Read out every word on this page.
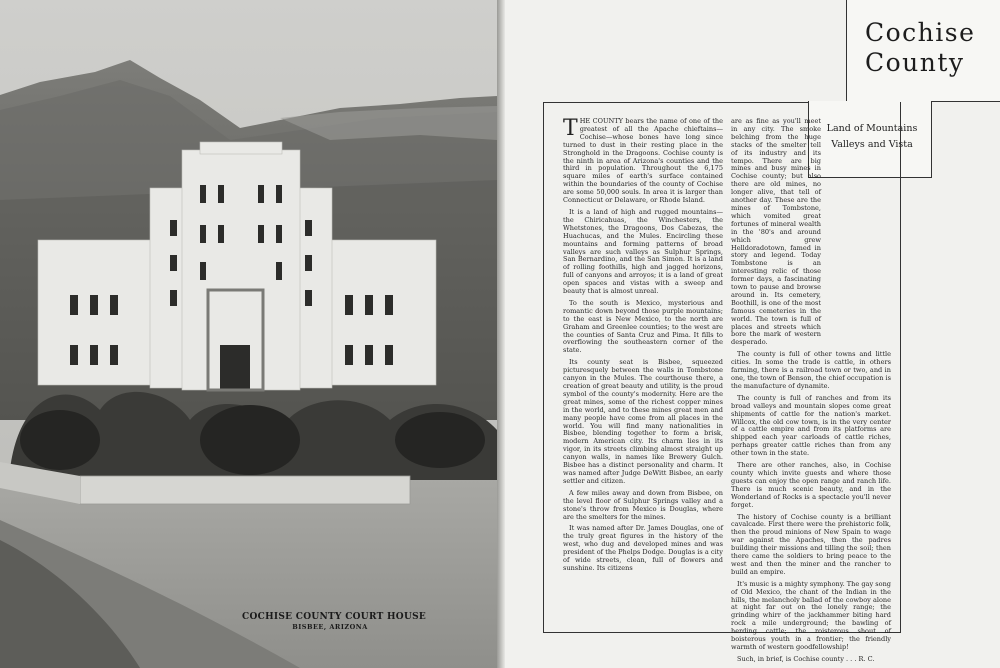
COCHISE COUNTY COURT HOUSE
BISBEE, ARIZONA
Cochise
County
Land of Mountains
Valleys and Vista

THE COUNTY bears the name of one of the greatest of all the Apache chieftains—Cochise—whose bones have long since turned to dust in their resting place in the Stronghold in the Dragoons. Cochise county is the ninth in area of Arizona's counties and the third in population. Throughout the 6,175 square miles of earth's surface contained within the boundaries of the county of Cochise are some 50,000 souls. In area it is larger than Connecticut or Delaware, or Rhode Island.

It is a land of high and rugged mountains—the Chiricahuas, the Winchesters, the Whetstones, the Dragoons, Dos Cabezas, the Huachucas, and the Mules. Encircling these mountains and forming patterns of broad valleys are such valleys as Sulphur Springs, San Bernardino, and the San Simon. It is a land of rolling foothills, high and jagged horizons, full of canyons and arroyos; it is a land of great open spaces and vistas with a sweep and beauty that is almost unreal.

To the south is Mexico, mysterious and romantic down beyond those purple mountains; to the east is New Mexico, to the north are Graham and Greenlee counties; to the west are the counties of Santa Cruz and Pima. It fills to overflowing the southeastern corner of the state.

Its county seat is Bisbee, squeezed picturesquely between the walls in Tombstone canyon in the Mules. The courthouse there, a creation of great beauty and utility, is the proud symbol of the county's modernity. Here are the great mines, some of the richest copper mines in the world, and to these mines great men and many people have come from all places in the world. You will find many nationalities in Bisbee, blending together to form a brisk, modern American city. Its charm lies in its vigor, in its streets climbing almost straight up canyon walls, in names like Brewery Gulch. Bisbee has a distinct personality and charm. It was named after Judge DeWitt Bisbee, an early settler and citizen.

A few miles away and down from Bisbee, on the level floor of Sulphur Springs valley and a stone's throw from Mexico is Douglas, where are the smelters for the mines.

It was named after Dr. James Douglas, one of the truly great figures in the history of the west, who dug and developed mines and was president of the Phelps Dodge. Douglas is a city of wide streets, clean, full of flowers and sunshine. Its citizens

are as fine as you'll meet in any city. The smoke belching from the huge stacks of the smelter tell of its industry and its tempo. There are big mines and busy mines in Cochise county; but also there are old mines, no longer alive, that tell of another day. These are the mines of Tombstone, which vomited great fortunes of mineral wealth in the '80's and around which grew Helldoradotown, famed in story and legend. Today Tombstone is an interesting relic of those former days, a fascinating town to pause and browse around in. Its cemetery, Boothill, is one of the most famous cemeteries in the world. The town is full of places and streets which bore the mark of western desperado.

The county is full of other towns and little cities. In some the trade is cattle, in others farming, there is a railroad town or two, and in one, the town of Benson, the chief occupation is the manufacture of dynamite.

The county is full of ranches and from its broad valleys and mountain slopes come great shipments of cattle for the nation's market. Willcox, the old cow town, is in the very center of a cattle empire and from its platforms are shipped each year carloads of cattle riches, perhaps greater cattle riches than from any other town in the state.

There are other ranches, also, in Cochise county which invite guests and where those guests can enjoy the open range and ranch life. There is much scenic beauty, and in the Wonderland of Rocks is a spectacle you'll never forget.

The history of Cochise county is a brilliant cavalcade. First there were the prehistoric folk, then the proud minions of New Spain to wage war against the Apaches, then the padres building their missions and tilling the soil; then there came the soldiers to bring peace to the west and then the miner and the rancher to build an empire.

It's music is a mighty symphony. The gay song of Old Mexico, the chant of the Indian in the hills, the melancholy ballad of the cowboy alone at night far out on the lonely range; the grinding whirr of the jackhammer biting hard rock a mile underground; the bawling of herding cattle; the roisterous shout of boisterous youth in a frontier; the friendly warmth of western goodfellowship!

Such, in brief, is Cochise county . . . R. C.
